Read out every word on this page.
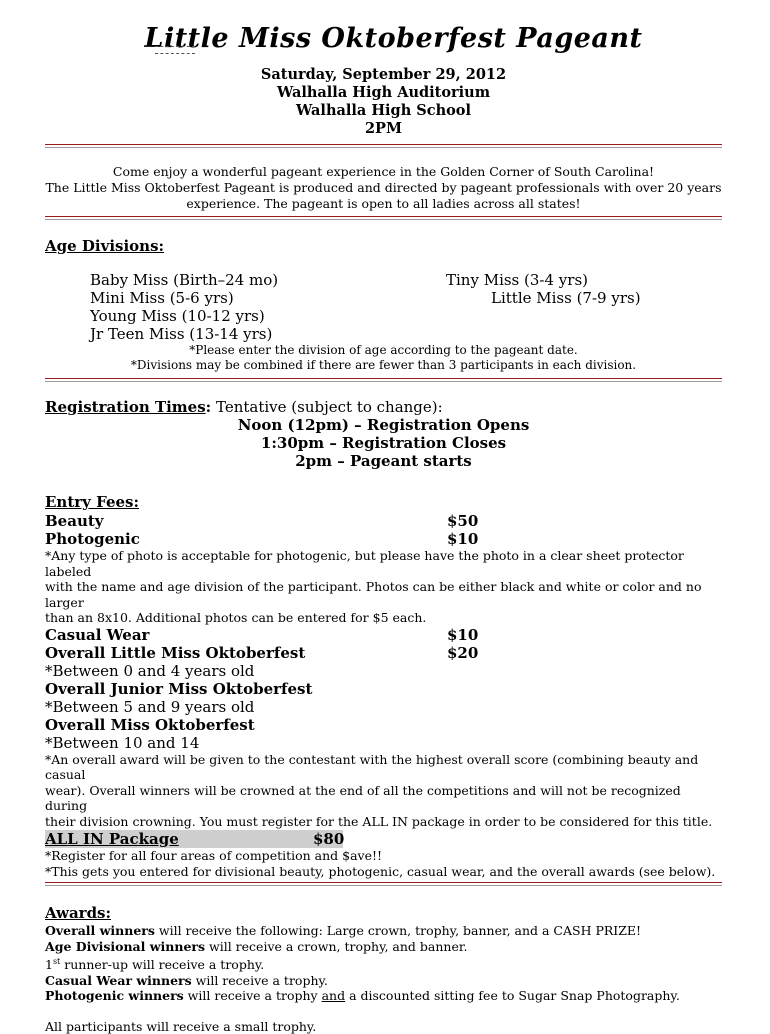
Little Miss Oktoberfest Pageant
Saturday, September 29, 2012
Walhalla High Auditorium
Walhalla High School
2PM
Come enjoy a wonderful pageant experience in the Golden Corner of South Carolina!
The Little Miss Oktoberfest Pageant is produced and directed by pageant professionals with over 20 years
experience. The pageant is open to all ladies across all states!
Age Divisions:
Baby Miss (Birth–24 mo)	Tiny Miss (3-4 yrs)
Mini Miss (5-6 yrs)	Little Miss (7-9 yrs)
Young Miss (10-12 yrs)
Jr Teen Miss (13-14 yrs)
*Please enter the division of age according to the pageant date.
*Divisions may be combined if there are fewer than 3 participants in each division.
Registration Times: Tentative (subject to change):
Noon (12pm) – Registration Opens
1:30pm – Registration Closes
2pm – Pageant starts
Entry Fees:
Beauty	$50
Photogenic	$10
*Any type of photo is acceptable for photogenic, but please have the photo in a clear sheet protector labeled
with the name and age division of the participant. Photos can be either black and white or color and no larger
than an 8x10. Additional photos can be entered for $5 each.
Casual Wear	$10
Overall Little Miss Oktoberfest	$20
*Between 0 and 4 years old
Overall Junior Miss Oktoberfest
*Between 5 and 9 years old
Overall Miss Oktoberfest
*Between 10 and 14
*An overall award will be given to the contestant with the highest overall score (combining beauty and casual
wear). Overall winners will be crowned at the end of all the competitions and will not be recognized during
their division crowning. You must register for the ALL IN package in order to be considered for this title.
ALL IN Package	$80
*Register for all four areas of competition and $ave!!
*This gets you entered for divisional beauty, photogenic, casual wear, and the overall awards (see below).
Awards:
Overall winners will receive the following: Large crown, trophy, banner, and a CASH PRIZE!
Age Divisional winners will receive a crown, trophy, and banner.
1st runner-up will receive a trophy.
Casual Wear winners will receive a trophy.
Photogenic winners will receive a trophy and a discounted sitting fee to Sugar Snap Photography.
All participants will receive a small trophy.
